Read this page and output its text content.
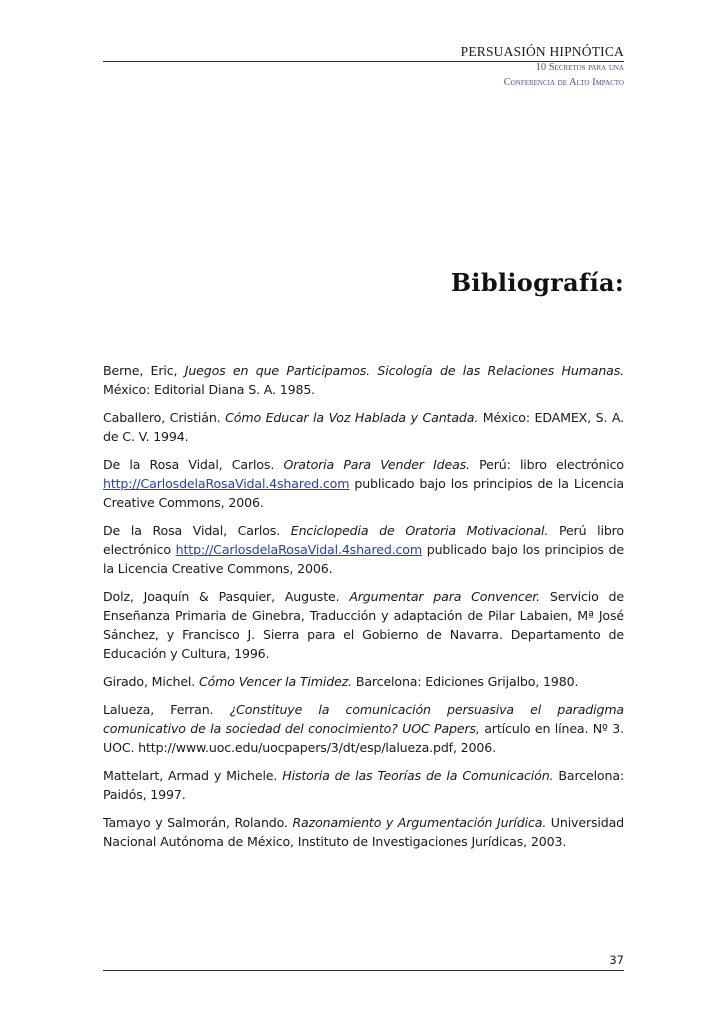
PERSUASIÓN HIPNÓTICA
10 Secretos para una
Conferencia de Alto Impacto
Bibliografía:

Berne, Eric, Juegos en que Participamos. Sicología de las Relaciones Humanas. México: Editorial Diana S. A. 1985.

Caballero, Cristián. Cómo Educar la Voz Hablada y Cantada. México: EDAMEX, S. A. de C. V. 1994.

De la Rosa Vidal, Carlos. Oratoria Para Vender Ideas. Perú: libro electrónico http://CarlosdelaRosaVidal.4shared.com publicado bajo los principios de la Licencia Creative Commons, 2006.

De la Rosa Vidal, Carlos. Enciclopedia de Oratoria Motivacional. Perú libro electrónico http://CarlosdelaRosaVidal.4shared.com publicado bajo los principios de la Licencia Creative Commons, 2006.

Dolz, Joaquín & Pasquier, Auguste. Argumentar para Convencer. Servicio de Enseñanza Primaria de Ginebra, Traducción y adaptación de Pilar Labaien, Mª José Sánchez, y Francisco J. Sierra para el Gobierno de Navarra. Departamento de Educación y Cultura, 1996.

Girado, Michel. Cómo Vencer la Timidez. Barcelona: Ediciones Grijalbo, 1980.

Lalueza, Ferran. ¿Constituye la comunicación persuasiva el paradigma comunicativo de la sociedad del conocimiento? UOC Papers, artículo en línea. Nº 3. UOC. http://www.uoc.edu/uocpapers/3/dt/esp/lalueza.pdf, 2006.

Mattelart, Armad y Michele. Historia de las Teorías de la Comunicación. Barcelona: Paidós, 1997.

Tamayo y Salmorán, Rolando. Razonamiento y Argumentación Jurídica. Universidad Nacional Autónoma de México, Instituto de Investigaciones Jurídicas, 2003.

37
